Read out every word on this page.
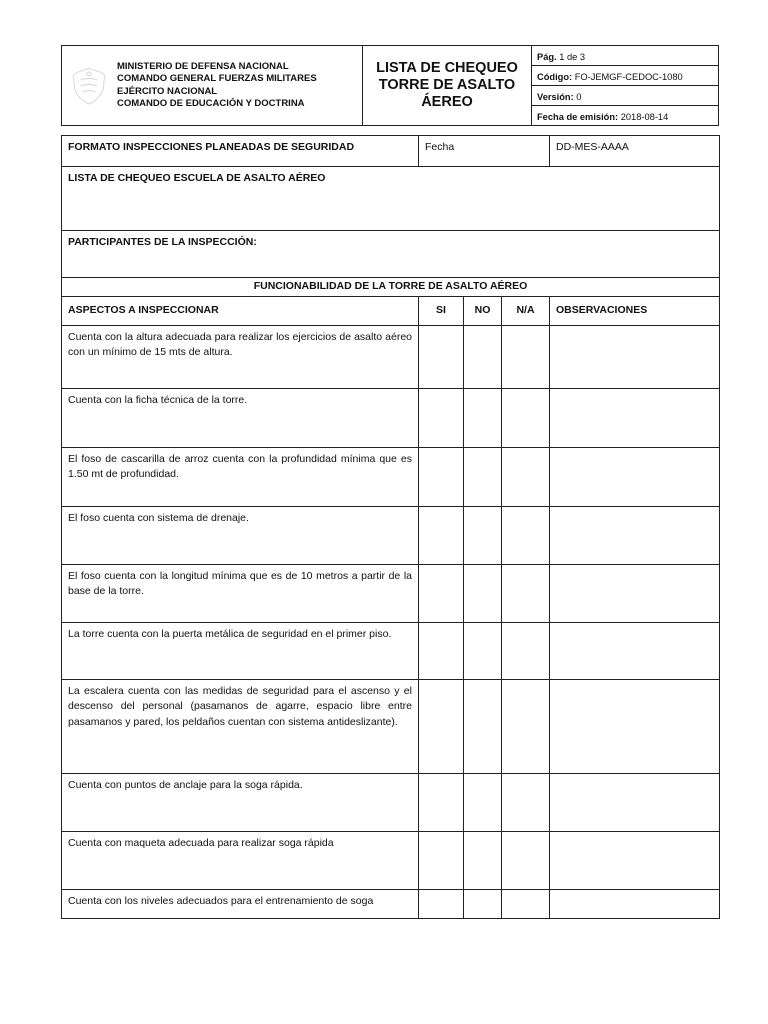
MINISTERIO DE DEFENSA NACIONAL
COMANDO GENERAL FUERZAS MILITARES
EJÉRCITO NACIONAL
COMANDO DE EDUCACIÓN Y DOCTRINA
	LISTA DE CHEQUEO TORRE DE ASALTO ÁEREO	Pág. 1 de 3
Código: FO-JEMGF-CEDOC-1080
Versión: 0
Fecha de emisión: 2018-08-14
FORMATO INSPECCIONES PLANEADAS DE SEGURIDAD	Fecha			DD-MES-AAAA
LISTA DE CHEQUEO ESCUELA DE ASALTO AÉREO				
PARTICIPANTES DE LA INSPECCIÓN:				
FUNCIONABILIDAD DE LA TORRE DE ASALTO AÉREO				
ASPECTOS A INSPECCIONAR	SI	NO	N/A	OBSERVACIONES
Cuenta con la altura adecuada para realizar los ejercicios de asalto aéreo con un mínimo de 15 mts de altura.				
Cuenta con la ficha técnica de la torre.				
El foso de cascarilla de arroz cuenta con la profundidad mínima que es 1.50 mt de profundidad.				
El foso cuenta con sistema de drenaje.				
El foso cuenta con la longitud mínima que es de 10 metros a partir de la base de la torre.				
La torre cuenta con la puerta metálica de seguridad en el primer piso.				
La escalera cuenta con las medidas de seguridad para el ascenso y el descenso del personal (pasamanos de agarre, espacio libre entre pasamanos y pared, los peldaños cuentan con sistema antideslizante).				
Cuenta con puntos de anclaje para la soga rápida.				
Cuenta con maqueta adecuada para realizar soga rápida				
Cuenta con los niveles adecuados para el entrenamiento de soga				
